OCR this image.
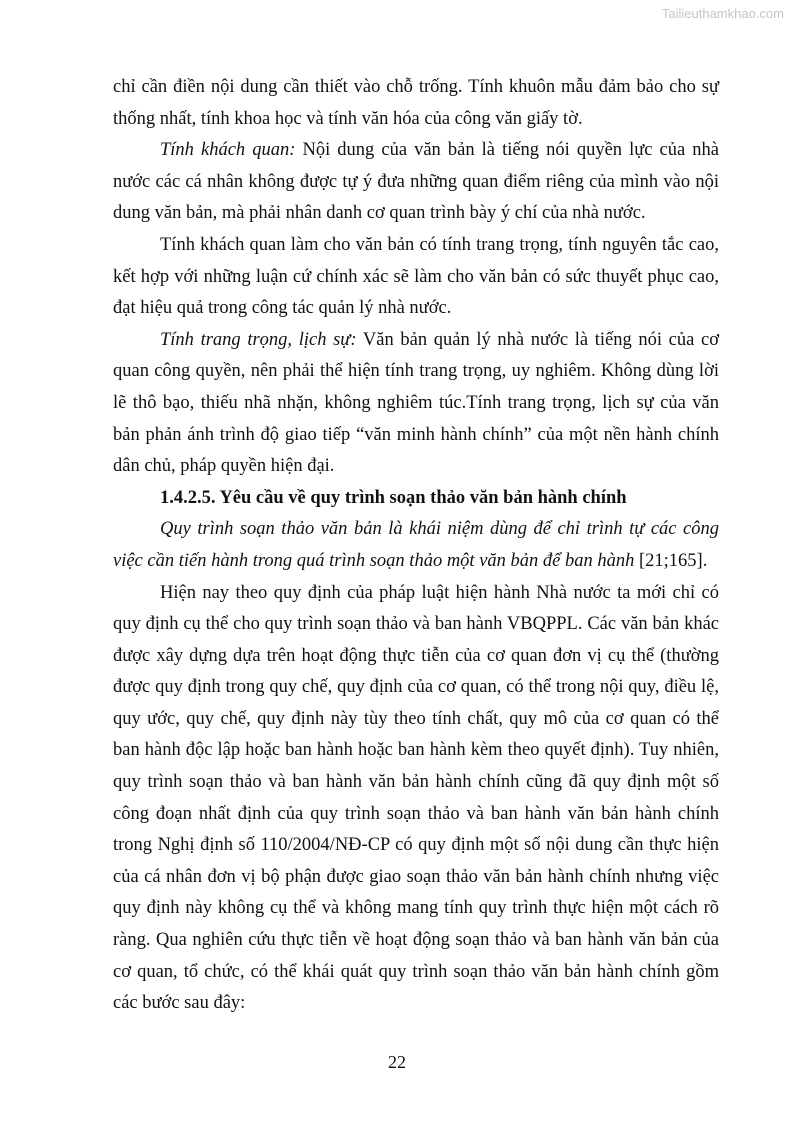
Tailieuthamkhao.com

chỉ cần điền nội dung cần thiết vào chỗ trống. Tính khuôn mẫu đảm bảo cho sự thống nhất, tính khoa học và tính văn hóa của công văn giấy tờ.

Tính khách quan: Nội dung của văn bản là tiếng nói quyền lực của nhà nước các cá nhân không được tự ý đưa những quan điểm riêng của mình vào nội dung văn bản, mà phải nhân danh cơ quan trình bày ý chí của nhà nước.

Tính khách quan làm cho văn bản có tính trang trọng, tính nguyên tắc cao, kết hợp với những luận cứ chính xác sẽ làm cho văn bản có sức thuyết phục cao, đạt hiệu quả trong công tác quản lý nhà nước.

Tính trang trọng, lịch sự: Văn bản quản lý nhà nước là tiếng nói của cơ quan công quyền, nên phải thể hiện tính trang trọng, uy nghiêm. Không dùng lời lẽ thô bạo, thiếu nhã nhặn, không nghiêm túc.Tính trang trọng, lịch sự của văn bản phản ánh trình độ giao tiếp “văn minh hành chính” của một nền hành chính dân chủ, pháp quyền hiện đại.

1.4.2.5. Yêu cầu về quy trình soạn thảo văn bản hành chính

Quy trình soạn thảo văn bản là khái niệm dùng để chỉ trình tự các công việc cần tiến hành trong quá trình soạn thảo một văn bản để ban hành [21;165].

Hiện nay theo quy định của pháp luật hiện hành Nhà nước ta mới chỉ có quy định cụ thể cho quy trình soạn thảo và ban hành VBQPPL. Các văn bản khác được xây dựng dựa trên hoạt động thực tiễn của cơ quan đơn vị cụ thể (thường được quy định trong quy chế, quy định của cơ quan, có thể trong nội quy, điều lệ, quy ước, quy chế, quy định này tùy theo tính chất, quy mô của cơ quan có thể ban hành độc lập hoặc ban hành hoặc ban hành kèm theo quyết định). Tuy nhiên, quy trình soạn thảo và ban hành văn bản hành chính cũng đã quy định một số công đoạn nhất định của quy trình soạn thảo và ban hành văn bản hành chính trong Nghị định số 110/2004/NĐ-CP có quy định một số nội dung cần thực hiện của cá nhân đơn vị bộ phận được giao soạn thảo văn bản hành chính nhưng việc quy định này không cụ thể và không mang tính quy trình thực hiện một cách rõ ràng. Qua nghiên cứu thực tiễn về hoạt động soạn thảo và ban hành văn bản của cơ quan, tổ chức, có thể khái quát quy trình soạn thảo văn bản hành chính gồm các bước sau đây:

22
